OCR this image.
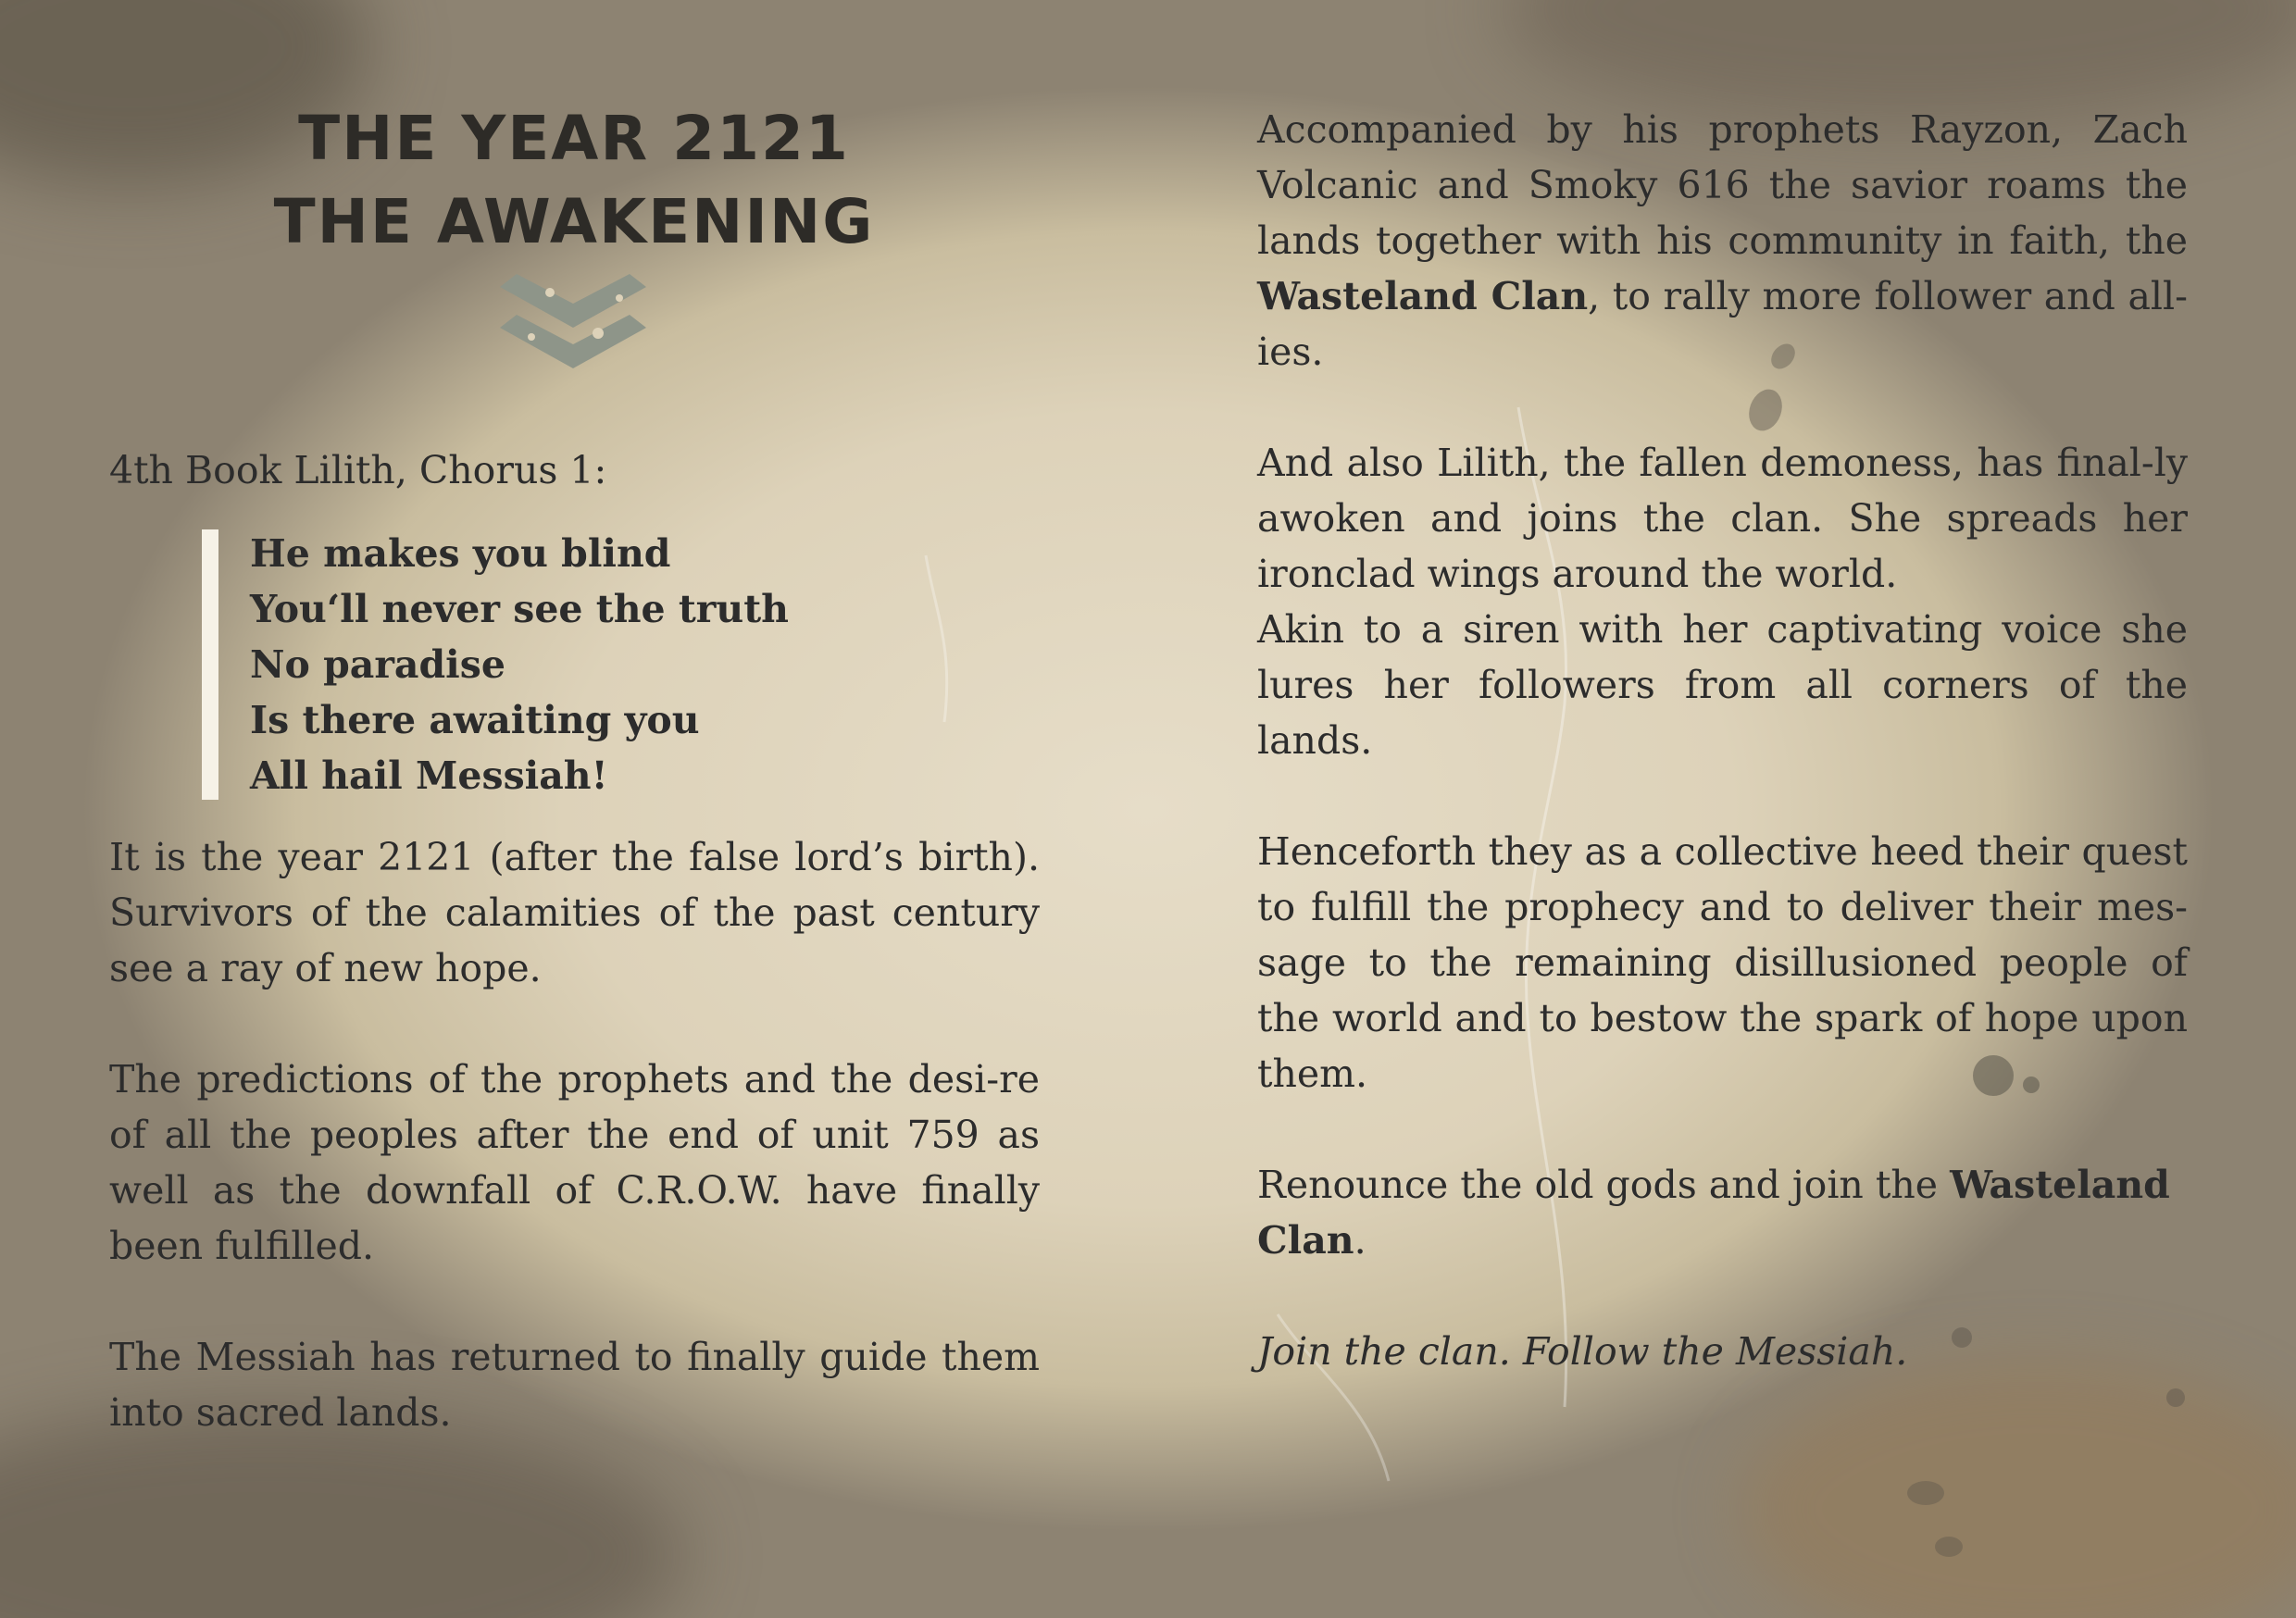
THE YEAR 2121
THE AWAKENING

4th Book Lilith, Chorus 1:

He makes you blind
You‘ll never see the truth
No paradise
Is there awaiting you
All hail Messiah!

It is the year 2121 (after the false lord’s birth). Survivors of the calamities of the past century see a ray of new hope.

The predictions of the prophets and the desi-re of all the peoples after the end of unit 759 as well as the downfall of C.R.O.W. have finally been fulfilled.

The Messiah has returned to finally guide them into sacred lands.

Accompanied by his prophets Rayzon, Zach Volcanic and Smoky 616 the savior roams the lands together with his community in faith, the Wasteland Clan, to rally more follower and all-ies.

And also Lilith, the fallen demoness, has final-ly awoken and joins the clan. She spreads her ironclad wings around the world.

Akin to a siren with her captivating voice she lures her followers from all corners of the lands.

Henceforth they as a collective heed their quest to fulfill the prophecy and to deliver their mes-sage to the remaining disillusioned people of the world and to bestow the spark of hope upon them.

Renounce the old gods and join the Wasteland Clan.

Join the clan. Follow the Messiah.
